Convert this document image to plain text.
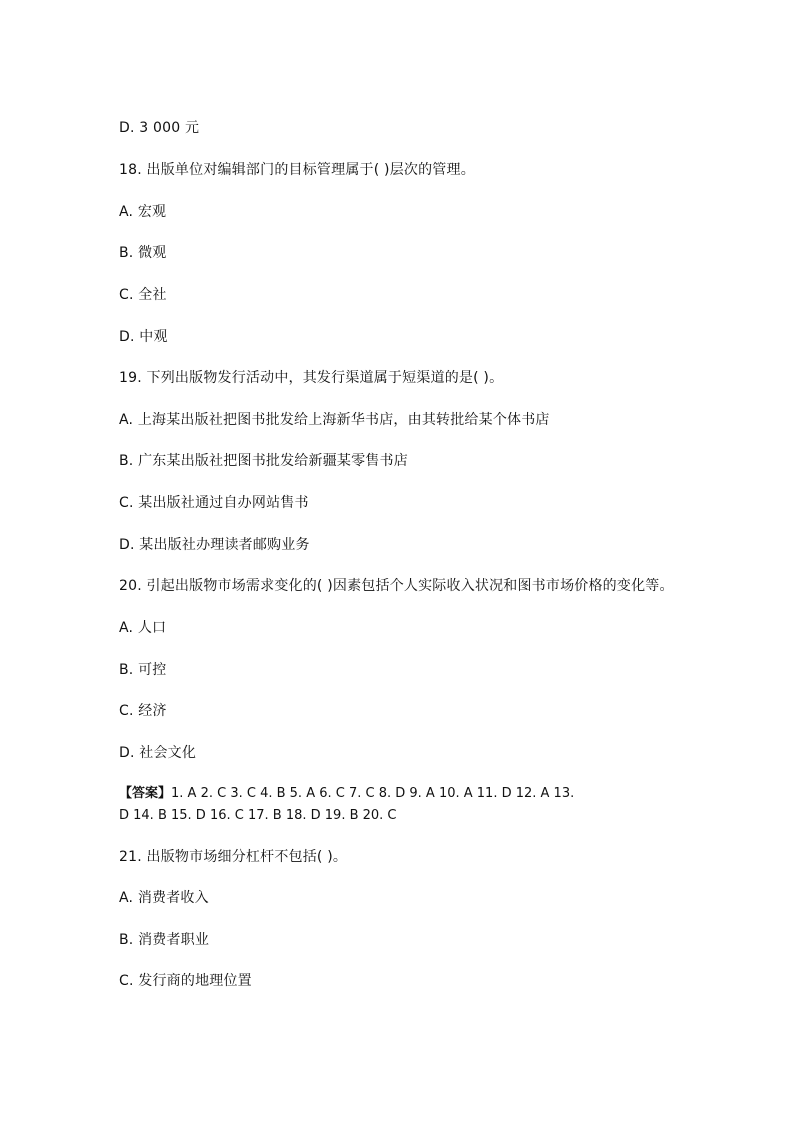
D. 3 000 元
18. 出版单位对编辑部门的目标管理属于( )层次的管理。
A. 宏观
B. 微观
C. 全社
D. 中观
19. 下列出版物发行活动中，其发行渠道属于短渠道的是( )。
A. 上海某出版社把图书批发给上海新华书店，由其转批给某个体书店
B. 广东某出版社把图书批发给新疆某零售书店
C. 某出版社通过自办网站售书
D. 某出版社办理读者邮购业务
20. 引起出版物市场需求变化的( )因素包括个人实际收入状况和图书市场价格的变化等。
A. 人口
B. 可控
C. 经济
D. 社会文化
【答案】1. A 2. C 3. C 4. B 5. A 6. C 7. C 8. D 9. A 10. A 11. D 12. A 13.
D 14. B 15. D 16. C 17. B 18. D 19. B 20. C
21. 出版物市场细分杠杆不包括( )。
A. 消费者收入
B. 消费者职业
C. 发行商的地理位置
